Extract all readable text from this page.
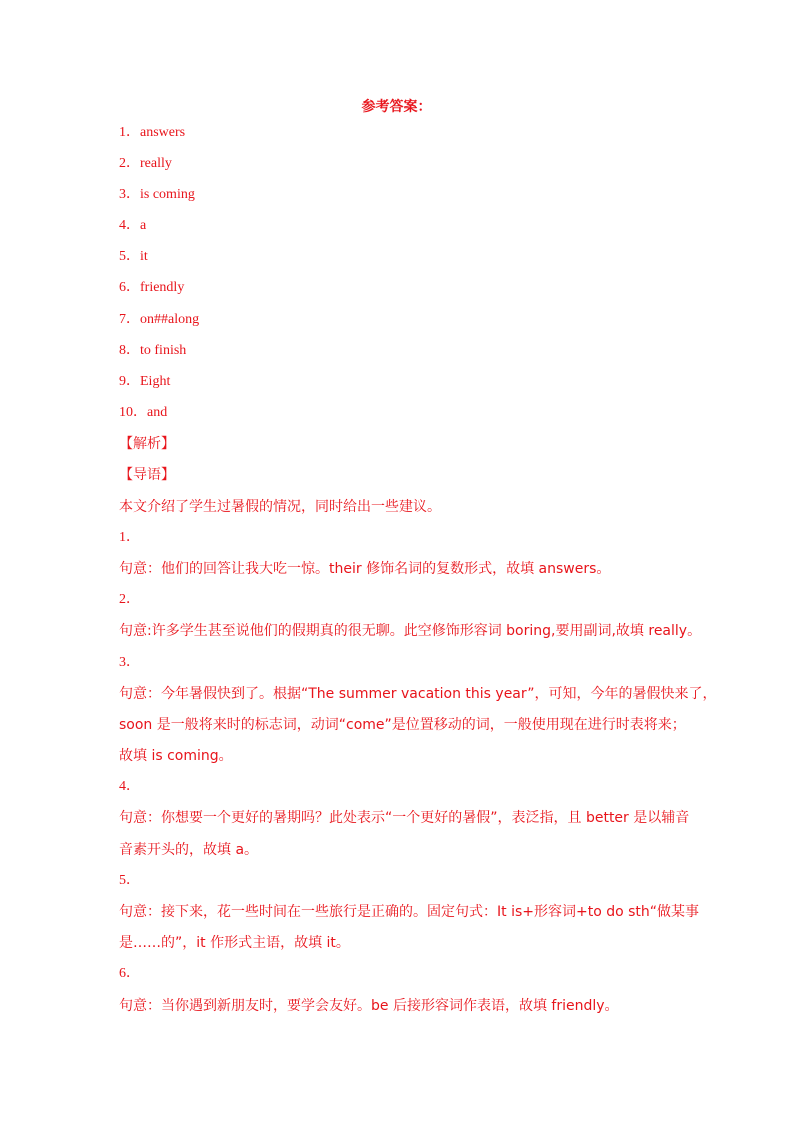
参考答案：
1．answers
2．really
3．is coming
4．a
5．it
6．friendly
7．on##along
8．to finish
9．Eight
10．and
【解析】
【导语】
本文介绍了学生过暑假的情况，同时给出一些建议。
1．
句意：他们的回答让我大吃一惊。their 修饰名词的复数形式，故填 answers。
2．
句意:许多学生甚至说他们的假期真的很无聊。此空修饰形容词 boring,要用副词,故填 really。
3．
句意：今年暑假快到了。根据“The summer vacation this year”，可知，今年的暑假快来了，
soon 是一般将来时的标志词，动词“come”是位置移动的词，一般使用现在进行时表将来；
故填 is coming。
4．
句意：你想要一个更好的暑期吗？此处表示“一个更好的暑假”，表泛指，且 better 是以辅音
音素开头的，故填 a。
5．
句意：接下来，花一些时间在一些旅行是正确的。固定句式：It is+形容词+to do sth“做某事
是……的”，it 作形式主语，故填 it。
6．
句意：当你遇到新朋友时，要学会友好。be 后接形容词作表语，故填 friendly。
